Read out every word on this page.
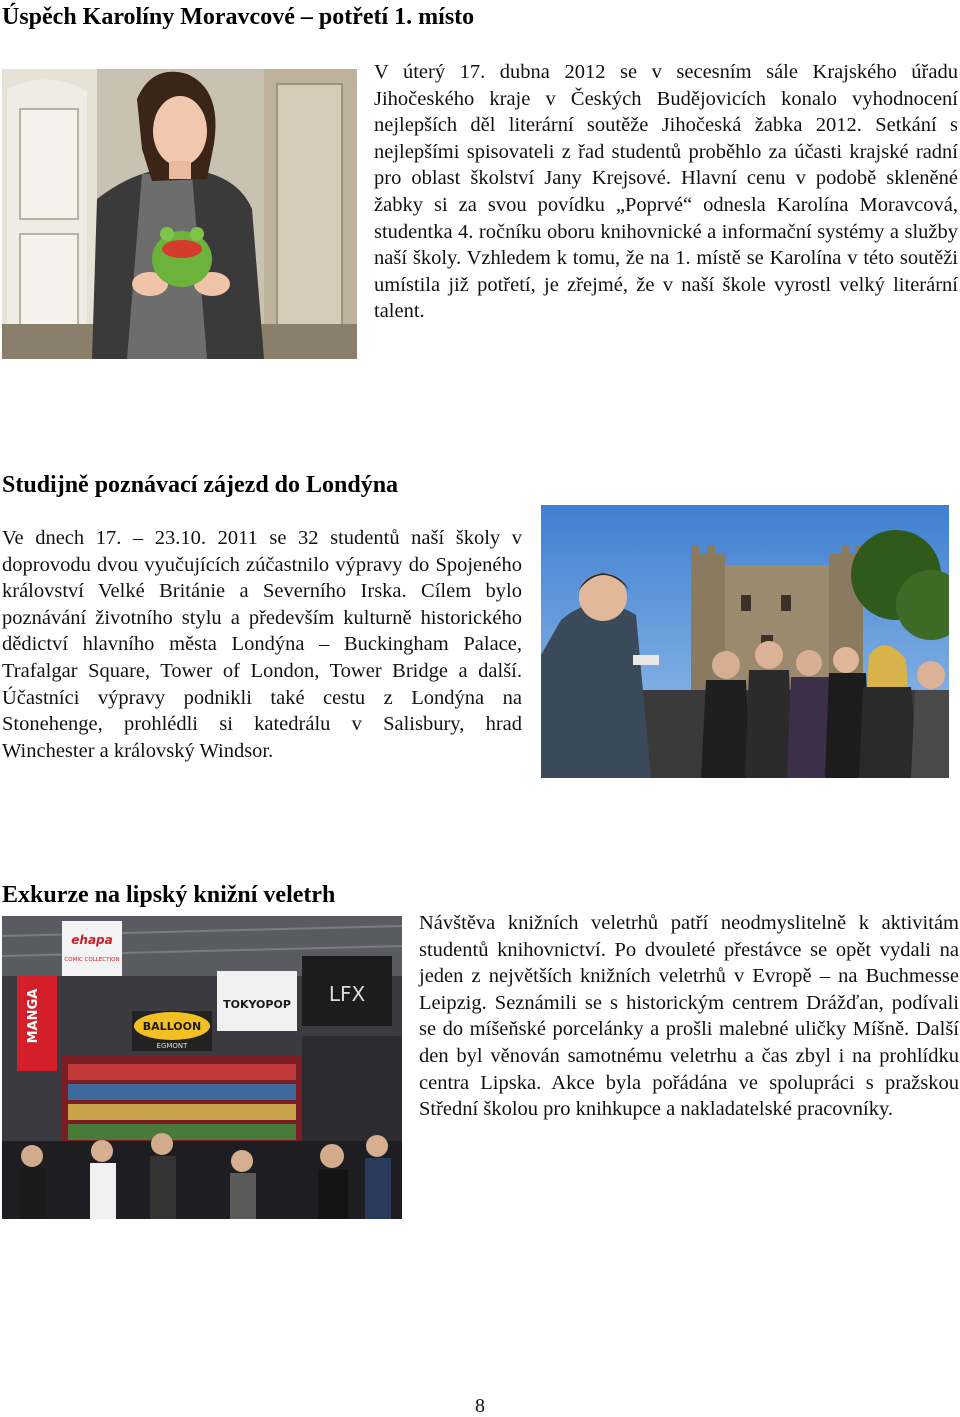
Úspěch Karolíny Moravcové – potřetí 1. místo

V úterý 17. dubna 2012 se v secesním sále Krajského úřadu Jihočeského kraje v Českých Budějovicích konalo vyhodnocení nejlepších děl literární soutěže Jihočeská žabka 2012. Setkání s nejlepšími spisovateli z řad studentů proběhlo za účasti krajské radní pro oblast školství Jany Krejsové. Hlavní cenu v podobě skleněné žabky si za svou povídku „Poprvé“ odnesla Karolína Moravcová, studentka 4. ročníku oboru knihovnické a informační systémy a služby naší školy. Vzhledem k tomu, že na 1. místě se Karolína v této soutěži umístila již potřetí, je zřejmé, že v naší škole vyrostl velký literární talent.

Studijně poznávací zájezd do Londýna

Ve dnech 17. – 23.10. 2011 se 32 studentů naší školy v doprovodu dvou vyučujících zúčastnilo výpravy do Spojeného království Velké Británie a Severního Irska. Cílem bylo poznávání životního stylu a především kulturně historického dědictví hlavního města Londýna – Buckingham Palace, Trafalgar Square, Tower of London, Tower Bridge a další. Účastníci výpravy podnikli také cestu z Londýna na Stonehenge, prohlédli si katedrálu v Salisbury, hrad Winchester a královský Windsor.

Exkurze na lipský knižní veletrh
ehapa
COMIC COLLECTION
MANGA	BALLOON
EGMONT
TOKYOPOP LFX

Návštěva knižních veletrhů patří neodmyslitelně k aktivitám studentů knihovnictví. Po dvouleté přestávce se opět vydali na jeden z největších knižních veletrhů v Evropě – na Buchmesse Leipzig. Seznámili se s historickým centrem Drážďan, podívali se do míšeňské porcelánky a prošli malebné uličky Míšně. Další den byl věnován samotnému veletrhu a čas zbyl i na prohlídku centra Lipska. Akce byla pořádána ve spolupráci s pražskou Střední školou pro knihkupce a nakladatelské pracovníky.

8
